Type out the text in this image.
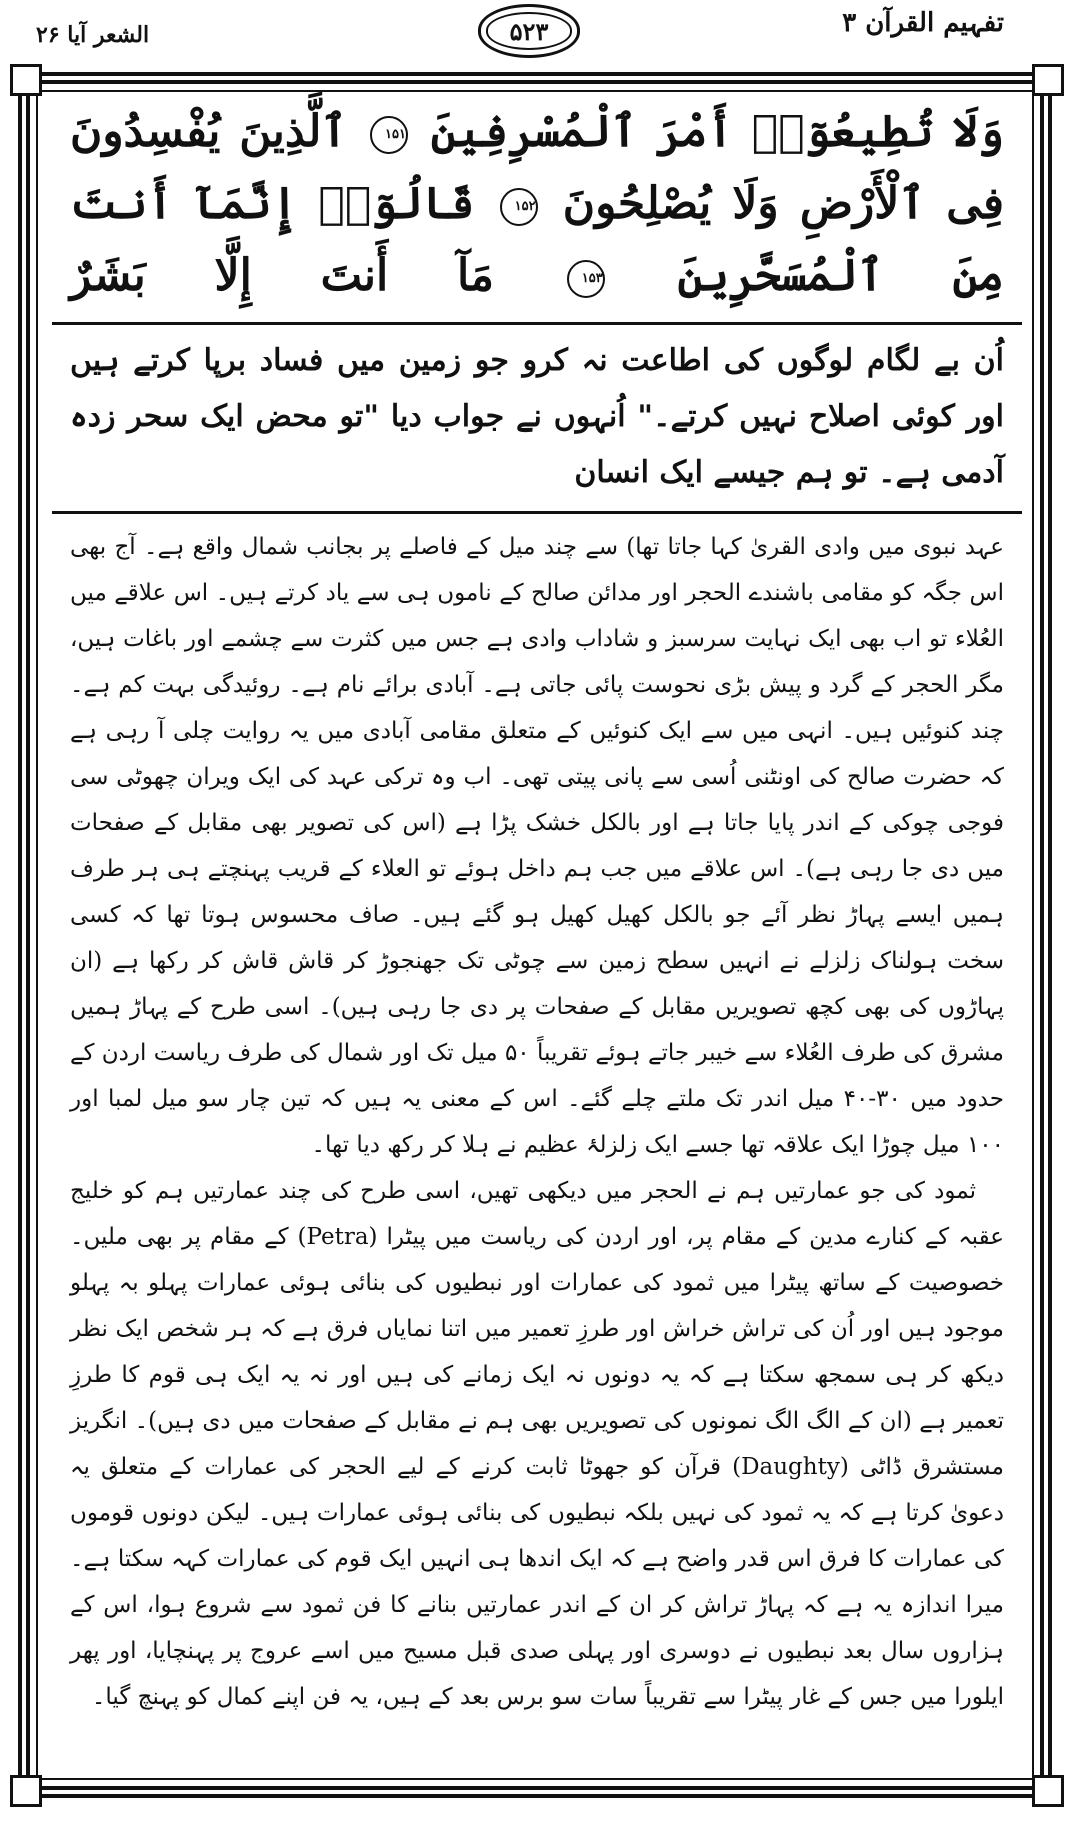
الشعر آیا ۲۶	۵۲۳	تفہیم القرآن ۳
وَلَا تُطِيعُوٓا۟ أَمْرَ ٱلْمُسْرِفِينَ ۱۵۱ ٱلَّذِينَ يُفْسِدُونَ فِى ٱلْأَرْضِ وَلَا يُصْلِحُونَ ۱۵۲ قَالُوٓا۟ إِنَّمَآ أَنتَ مِنَ ٱلْمُسَحَّرِينَ ۱۵۳ مَآ أَنتَ إِلَّا بَشَرٌ
اُن بے لگام لوگوں کی اطاعت نہ کرو جو زمین میں فساد برپا کرتے ہیں اور کوئی اصلاح نہیں کرتے۔" اُنہوں نے جواب دیا "تو محض ایک سحر زدہ آدمی ہے۔ تو ہم جیسے ایک انسان

عہد نبوی میں وادی القریٰ کہا جاتا تھا) سے چند میل کے فاصلے پر بجانب شمال واقع ہے۔ آج بھی اس جگہ کو مقامی باشندے الحجر اور مدائن صالح کے ناموں ہی سے یاد کرتے ہیں۔ اس علاقے میں العُلاء تو اب بھی ایک نہایت سرسبز و شاداب وادی ہے جس میں کثرت سے چشمے اور باغات ہیں، مگر الحجر کے گرد و پیش بڑی نحوست پائی جاتی ہے۔ آبادی برائے نام ہے۔ روئیدگی بہت کم ہے۔ چند کنوئیں ہیں۔ انہی میں سے ایک کنوئیں کے متعلق مقامی آبادی میں یہ روایت چلی آ رہی ہے کہ حضرت صالح کی اونٹنی اُسی سے پانی پیتی تھی۔ اب وہ ترکی عہد کی ایک ویران چھوٹی سی فوجی چوکی کے اندر پایا جاتا ہے اور بالکل خشک پڑا ہے (اس کی تصویر بھی مقابل کے صفحات میں دی جا رہی ہے)۔ اس علاقے میں جب ہم داخل ہوئے تو العلاء کے قریب پہنچتے ہی ہر طرف ہمیں ایسے پہاڑ نظر آئے جو بالکل کھیل کھیل ہو گئے ہیں۔ صاف محسوس ہوتا تھا کہ کسی سخت ہولناک زلزلے نے انہیں سطح زمین سے چوٹی تک جھنجوڑ کر قاش قاش کر رکھا ہے (ان پہاڑوں کی بھی کچھ تصویریں مقابل کے صفحات پر دی جا رہی ہیں)۔ اسی طرح کے پہاڑ ہمیں مشرق کی طرف العُلاء سے خیبر جاتے ہوئے تقریباً ۵۰ میل تک اور شمال کی طرف ریاست اردن کے حدود میں ۳۰-۴۰ میل اندر تک ملتے چلے گئے۔ اس کے معنی یہ ہیں کہ تین چار سو میل لمبا اور ۱۰۰ میل چوڑا ایک علاقہ تھا جسے ایک زلزلۂ عظیم نے ہلا کر رکھ دیا تھا۔

ثمود کی جو عمارتیں ہم نے الحجر میں دیکھی تھیں، اسی طرح کی چند عمارتیں ہم کو خلیج عقبہ کے کنارے مدین کے مقام پر، اور اردن کی ریاست میں پیٹرا (Petra) کے مقام پر بھی ملیں۔ خصوصیت کے ساتھ پیٹرا میں ثمود کی عمارات اور نبطیوں کی بنائی ہوئی عمارات پہلو بہ پہلو موجود ہیں اور اُن کی تراش خراش اور طرزِ تعمیر میں اتنا نمایاں فرق ہے کہ ہر شخص ایک نظر دیکھ کر ہی سمجھ سکتا ہے کہ یہ دونوں نہ ایک زمانے کی ہیں اور نہ یہ ایک ہی قوم کا طرزِ تعمیر ہے (ان کے الگ الگ نمونوں کی تصویریں بھی ہم نے مقابل کے صفحات میں دی ہیں)۔ انگریز مستشرق ڈاٹی (Daughty) قرآن کو جھوٹا ثابت کرنے کے لیے الحجر کی عمارات کے متعلق یہ دعویٰ کرتا ہے کہ یہ ثمود کی نہیں بلکہ نبطیوں کی بنائی ہوئی عمارات ہیں۔ لیکن دونوں قوموں کی عمارات کا فرق اس قدر واضح ہے کہ ایک اندھا ہی انہیں ایک قوم کی عمارات کہہ سکتا ہے۔ میرا اندازہ یہ ہے کہ پہاڑ تراش کر ان کے اندر عمارتیں بنانے کا فن ثمود سے شروع ہوا، اس کے ہزاروں سال بعد نبطیوں نے دوسری اور پہلی صدی قبل مسیح میں اسے عروج پر پہنچایا، اور پھر ایلورا میں جس کے غار پیٹرا سے تقریباً سات سو برس بعد کے ہیں، یہ فن اپنے کمال کو پہنچ گیا۔
